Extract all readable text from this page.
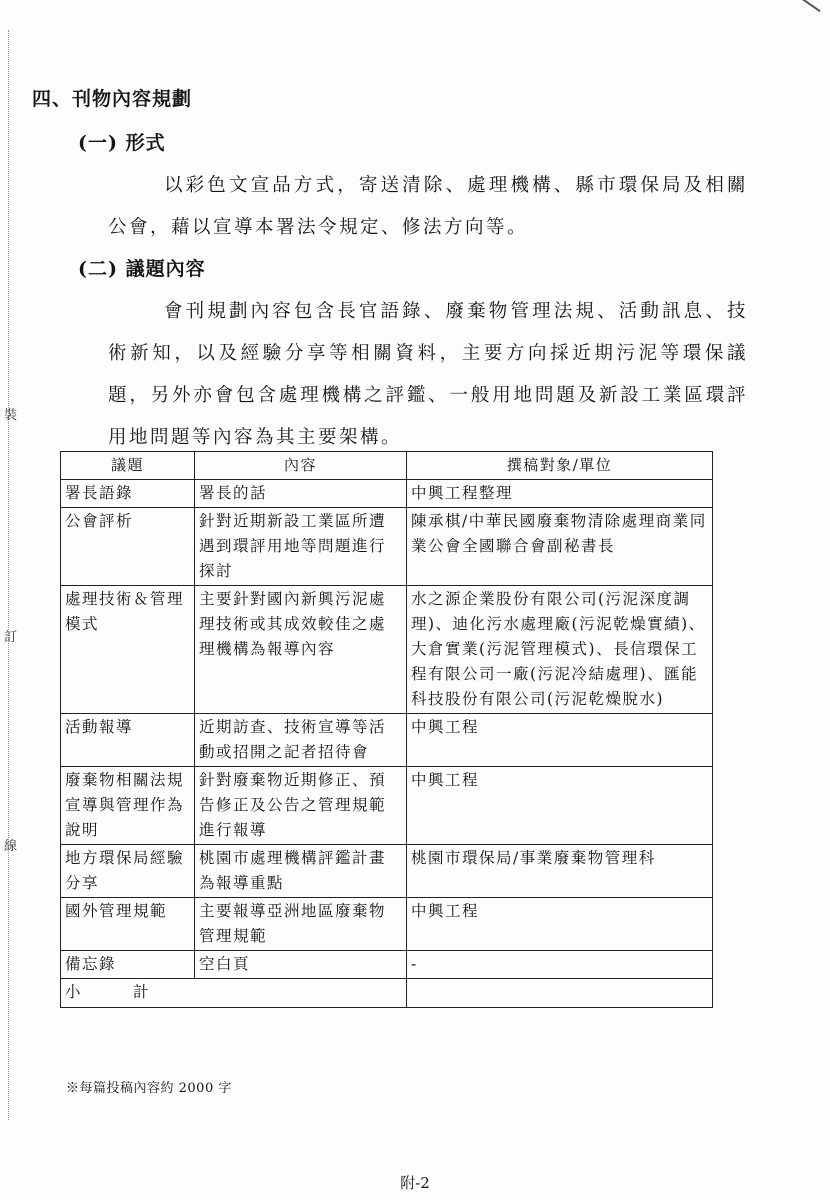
裝
訂
線
四、刊物內容規劃
(一) 形式
以彩色文宣品方式，寄送清除、處理機構、縣市環保局及相關公會，藉以宣導本署法令規定、修法方向等。
(二) 議題內容
會刊規劃內容包含長官語錄、廢棄物管理法規、活動訊息、技術新知，以及經驗分享等相關資料，主要方向採近期污泥等環保議題，另外亦會包含處理機構之評鑑、一般用地問題及新設工業區環評用地問題等內容為其主要架構。
議題	內容	撰稿對象/單位
署長語錄	署長的話	中興工程整理
公會評析	針對近期新設工業區所遭遇到環評用地等問題進行探討	陳承棋/中華民國廢棄物清除處理商業同業公會全國聯合會副秘書長
處理技術＆管理模式	主要針對國內新興污泥處理技術或其成效較佳之處理機構為報導內容	水之源企業股份有限公司(污泥深度調理)、迪化污水處理廠(污泥乾燥實績)、大倉實業(污泥管理模式)、長信環保工程有限公司一廠(污泥冷結處理)、匯能科技股份有限公司(污泥乾燥脫水)
活動報導	近期訪查、技術宣導等活動或招開之記者招待會	中興工程
廢棄物相關法規宣導與管理作為說明	針對廢棄物近期修正、預告修正及公告之管理規範進行報導	中興工程
地方環保局經驗分享	桃園市處理機構評鑑計畫為報導重點	桃園市環保局/事業廢棄物管理科
國外管理規範	主要報導亞洲地區廢棄物管理規範	中興工程
備忘錄	空白頁	-
小　　　計		
※每篇投稿內容約 2000 字
附-2
